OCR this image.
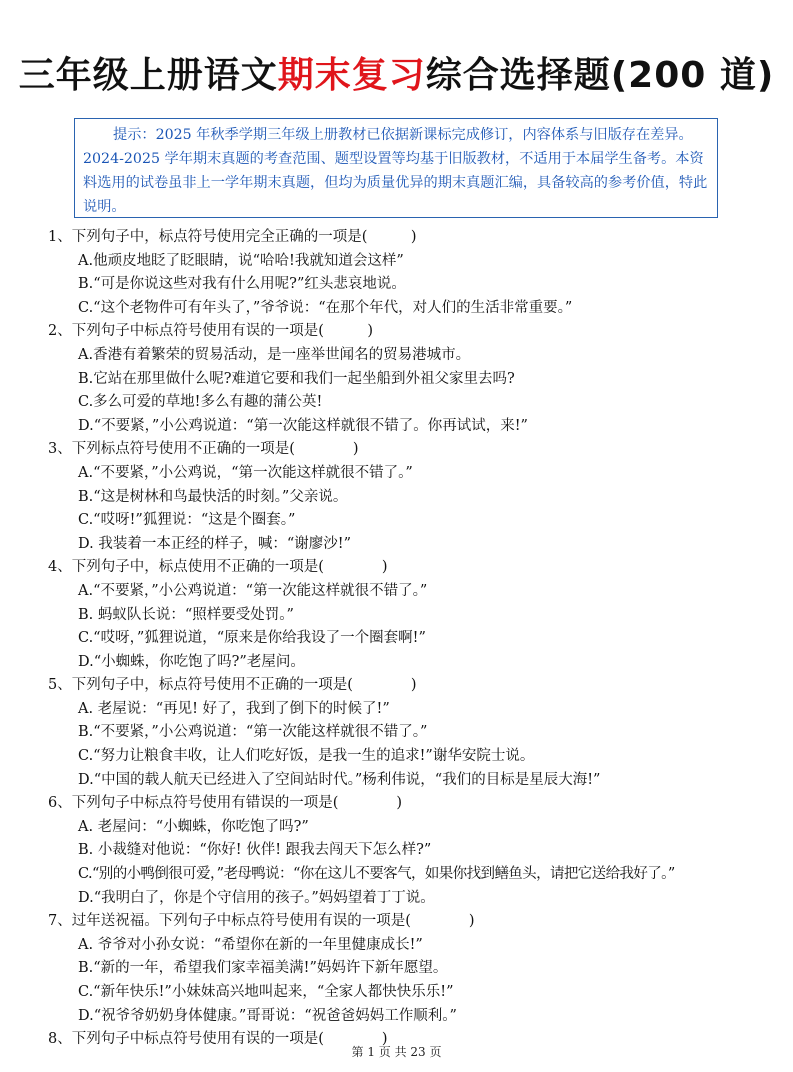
三年级上册语文期末复习综合选择题(200 道)
提示：2025 年秋季学期三年级上册教材已依据新课标完成修订，内容体系与旧版存在差异。2024-2025 学年期末真题的考查范围、题型设置等均基于旧版教材，不适用于本届学生备考。本资料选用的试卷虽非上一学年期末真题，但均为质量优异的期末真题汇编，具备较高的参考价值，特此说明。
1、下列句子中，标点符号使用完全正确的一项是(　　　)
A.他顽皮地眨了眨眼睛，说“哈哈!我就知道会这样”
B.“可是你说这些对我有什么用呢?”红头悲哀地说。
C.“这个老物件可有年头了，”爷爷说：“在那个年代，对人们的生活非常重要。”
2、下列句子中标点符号使用有误的一项是(　　　)
A.香港有着繁荣的贸易活动，是一座举世闻名的贸易港城市。
B.它站在那里做什么呢?难道它要和我们一起坐船到外祖父家里去吗?
C.多么可爱的草地!多么有趣的蒲公英!
D.“不要紧，”小公鸡说道：“第一次能这样就很不错了。你再试试，来!”
3、下列标点符号使用不正确的一项是(　　　　)
A.“不要紧，”小公鸡说，“第一次能这样就很不错了。”
B.“这是树林和鸟最快活的时刻。”父亲说。
C.“哎呀!”狐狸说：“这是个圈套。”
D. 我装着一本正经的样子，喊：“谢廖沙!”
4、下列句子中，标点使用不正确的一项是(　　　　)
A.“不要紧，”小公鸡说道：“第一次能这样就很不错了。”
B. 蚂蚁队长说：“照样要受处罚。”
C.“哎呀，”狐狸说道，“原来是你给我设了一个圈套啊!”
D.“小蜘蛛，你吃饱了吗?”老屋问。
5、下列句子中，标点符号使用不正确的一项是(　　　　)
A. 老屋说：“再见! 好了，我到了倒下的时候了!”
B.“不要紧，”小公鸡说道：“第一次能这样就很不错了。”
C.“努力让粮食丰收，让人们吃好饭，是我一生的追求!”谢华安院士说。
D.“中国的载人航天已经进入了空间站时代。”杨利伟说，“我们的目标是星辰大海!”
6、下列句子中标点符号使用有错误的一项是(　　　　)
A. 老屋问：“小蜘蛛，你吃饱了吗?”
B. 小裁缝对他说：“你好! 伙伴! 跟我去闯天下怎么样?”
C.“别的小鸭倒很可爱，”老母鸭说：“你在这儿不要客气，如果你找到鳝鱼头，请把它送给我好了。”
D.“我明白了，你是个守信用的孩子。”妈妈望着丁丁说。
7、过年送祝福。下列句子中标点符号使用有误的一项是(　　　　)
A. 爷爷对小孙女说：“希望你在新的一年里健康成长!”
B.“新的一年，希望我们家幸福美满!”妈妈许下新年愿望。
C.“新年快乐!”小妹妹高兴地叫起来，“全家人都快快乐乐!”
D.“祝爷爷奶奶身体健康。”哥哥说：“祝爸爸妈妈工作顺利。”
8、下列句子中标点符号使用有误的一项是(　　　　)
第 1 页 共 23 页
